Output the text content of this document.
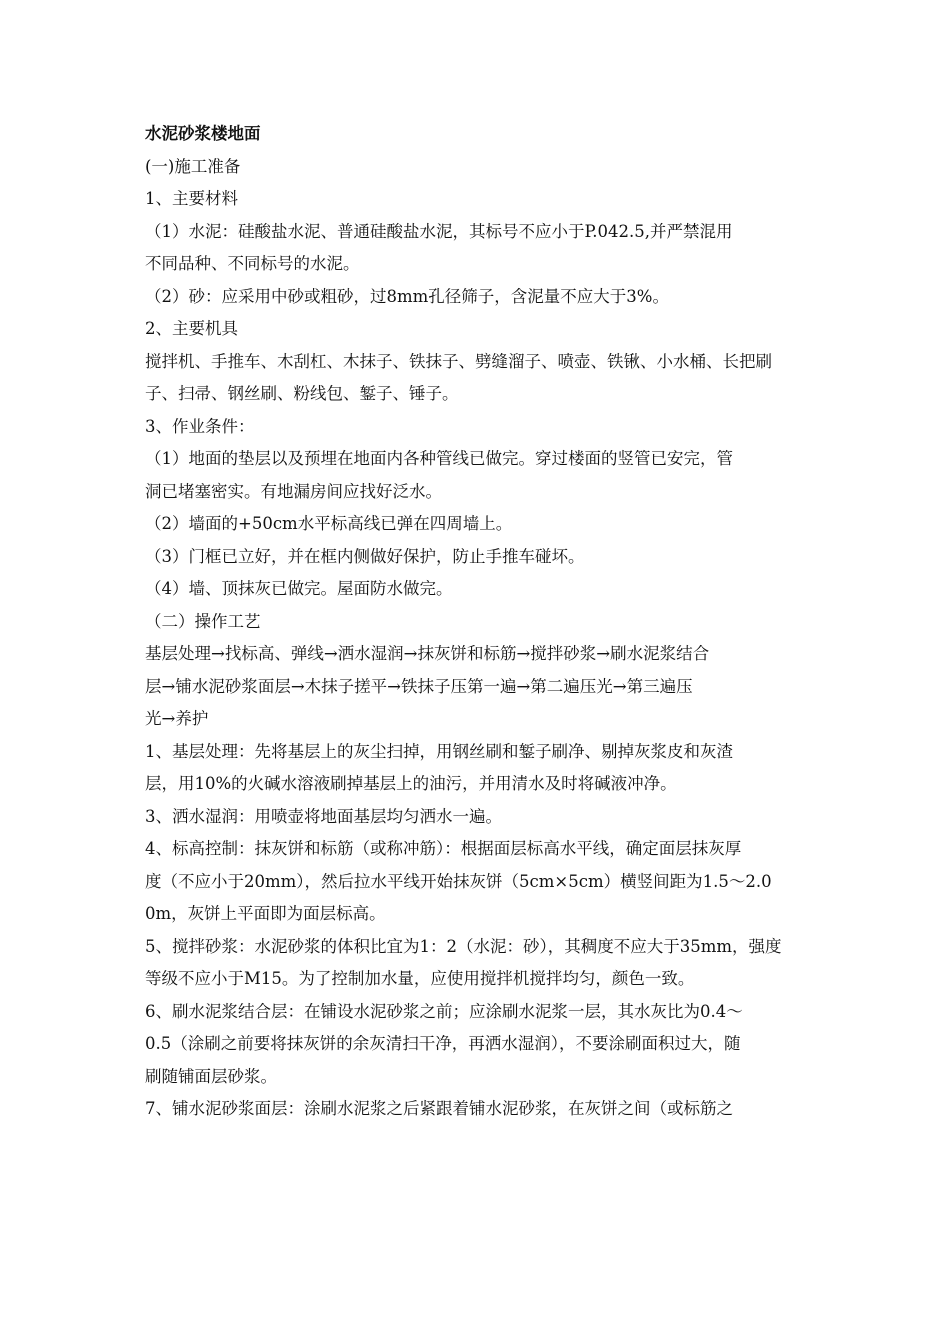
水泥砂浆楼地面

(一)施工准备

1、主要材料

（1）水泥：硅酸盐水泥、普通硅酸盐水泥，其标号不应小于P.042.5,并严禁混用

不同品种、不同标号的水泥。

（2）砂：应采用中砂或粗砂，过8mm孔径筛子，含泥量不应大于3%。

2、主要机具

搅拌机、手推车、木刮杠、木抹子、铁抹子、劈缝溜子、喷壶、铁锹、小水桶、长把刷

子、扫帚、钢丝刷、粉线包、錾子、锤子。

3、作业条件：

（1）地面的垫层以及预埋在地面内各种管线已做完。穿过楼面的竖管已安完，管

洞已堵塞密实。有地漏房间应找好泛水。

（2）墙面的+50cm水平标高线已弹在四周墙上。

（3）门框已立好，并在框内侧做好保护，防止手推车碰坏。

（4）墙、顶抹灰已做完。屋面防水做完。

（二）操作工艺

基层处理→找标高、弹线→洒水湿润→抹灰饼和标筋→搅拌砂浆→刷水泥浆结合

层→铺水泥砂浆面层→木抹子搓平→铁抹子压第一遍→第二遍压光→第三遍压

光→养护

1、基层处理：先将基层上的灰尘扫掉，用钢丝刷和錾子刷净、剔掉灰浆皮和灰渣

层，用10%的火碱水溶液刷掉基层上的油污，并用清水及时将碱液冲净。

3、洒水湿润：用喷壶将地面基层均匀洒水一遍。

4、标高控制：抹灰饼和标筋（或称冲筋）：根据面层标高水平线，确定面层抹灰厚

度（不应小于20mm），然后拉水平线开始抹灰饼（5cm×5cm）横竖间距为1.5～2.0

0m，灰饼上平面即为面层标高。

5、搅拌砂浆：水泥砂浆的体积比宜为1：2（水泥：砂），其稠度不应大于35mm，强度

等级不应小于M15。为了控制加水量，应使用搅拌机搅拌均匀，颜色一致。

6、刷水泥浆结合层：在铺设水泥砂浆之前；应涂刷水泥浆一层，其水灰比为0.4～

0.5（涂刷之前要将抹灰饼的余灰清扫干净，再洒水湿润），不要涂刷面积过大，随

刷随铺面层砂浆。

7、铺水泥砂浆面层：涂刷水泥浆之后紧跟着铺水泥砂浆，在灰饼之间（或标筋之
